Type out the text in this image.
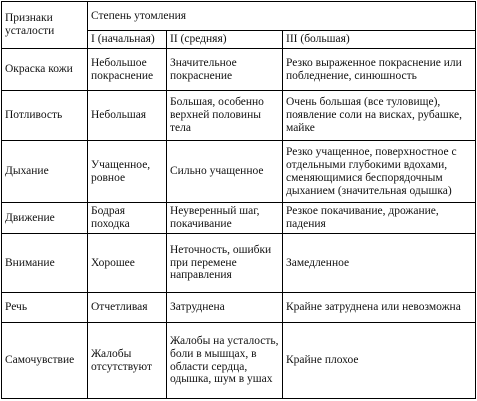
Признаки усталости	Степень утомления		
	I (начальная)	II (средняя)	III (большая)
Окраска кожи	Небольшое покраснение	Значительное покраснение	Резко выраженное покраснение или побледнение, синюшность
Потливость	Небольшая	Большая, особенно верхней половины тела	Очень большая (все туловище), появление соли на висках, рубашке, майке
Дыхание	Учащенное, ровное	Сильно учащенное	Резко учащенное, поверхностное с отдельными глубокими вдохами, сменяющимися беспорядочным дыханием (значительная одышка)
Движение	Бодрая походка	Неуверенный шаг, покачивание	Резкое покачивание, дрожание, падения
Внимание	Хорошее	Неточность, ошибки при перемене направления	Замедленное
Речь	Отчетливая	Затруднена	Крайне затруднена или невозможна
Самочувствие	Жалобы отсутствуют	Жалобы на усталость, боли в мышцах, в области сердца, одышка, шум в ушах	Крайне плохое
